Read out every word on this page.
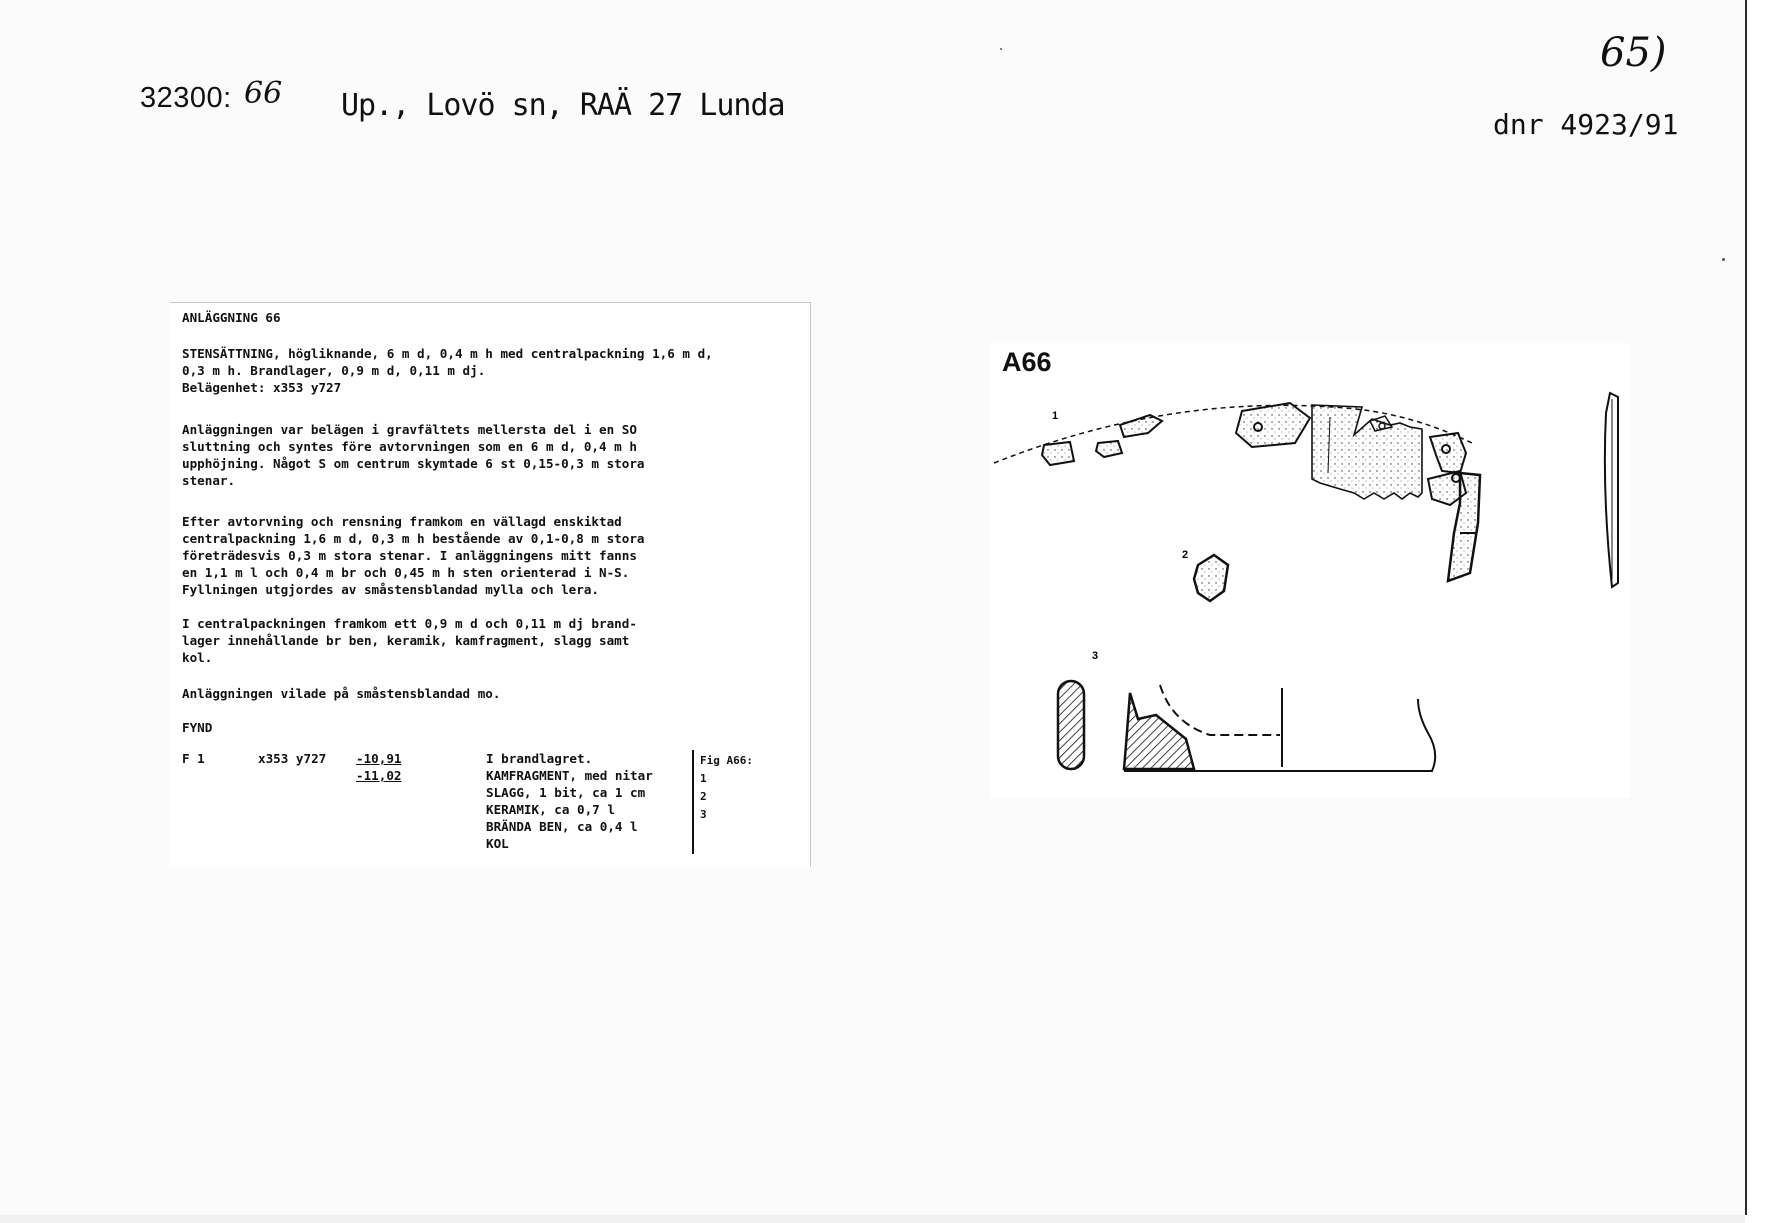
32300: 66 Up., Lovö sn, RAÄ 27 Lunda
65)
dnr 4923/91
ANLÄGGNING 66
STENSÄTTNING, högliknande, 6 m d, 0,4 m h med centralpackning 1,6 m d,
0,3 m h. Brandlager, 0,9 m d, 0,11 m dj.
Belägenhet: x353 y727
Anläggningen var belägen i gravfältets mellersta del i en SO
sluttning och syntes före avtorvningen som en 6 m d, 0,4 m h
upphöjning. Något S om centrum skymtade 6 st 0,15-0,3 m stora
stenar.
Efter avtorvning och rensning framkom en vällagd enskiktad
centralpackning 1,6 m d, 0,3 m h bestående av 0,1-0,8 m stora
företrädesvis 0,3 m stora stenar. I anläggningens mitt fanns
en 1,1 m l och 0,4 m br och 0,45 m h sten orienterad i N-S.
Fyllningen utgjordes av småstensblandad mylla och lera.
I centralpackningen framkom ett 0,9 m d och 0,11 m dj brand-
lager innehållande br ben, keramik, kamfragment, slagg samt
kol.
Anläggningen vilade på småstensblandad mo.
FYND
F 1	x353 y727 -10,91
-11,02
I brandlagret.
KAMFRAGMENT, med nitar
SLAGG, 1 bit, ca 1 cm
KERAMIK, ca 0,7 l
BRÄNDA BEN, ca 0,4 l
KOL
Fig A66:
1
2
3
A66
1
2
3
